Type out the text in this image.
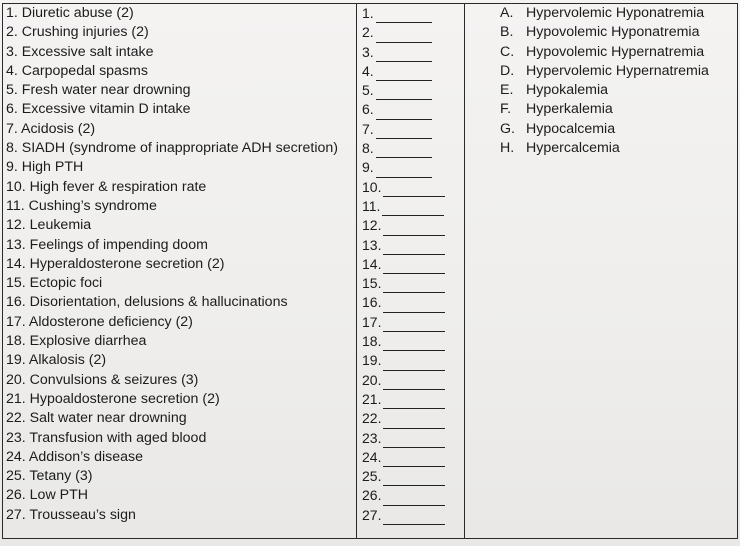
1. Diuretic abuse (2)
2. Crushing injuries (2)
3. Excessive salt intake
4. Carpopedal spasms
5. Fresh water near drowning
6. Excessive vitamin D intake
7. Acidosis (2)
8. SIADH (syndrome of inappropriate ADH secretion)
9. High PTH
10. High fever & respiration rate
11. Cushing’s syndrome
12. Leukemia
13. Feelings of impending doom
14. Hyperaldosterone secretion (2)
15. Ectopic foci
16. Disorientation, delusions & hallucinations
17. Aldosterone deficiency (2)
18. Explosive diarrhea
19. Alkalosis (2)
20. Convulsions & seizures (3)
21. Hypoaldosterone secretion (2)
22. Salt water near drowning
23. Transfusion with aged blood
24. Addison’s disease
25. Tetany (3)
26. Low PTH
27. Trousseau’s sign
1.
2.
3.
4.
5.
6.
7.
8.
9.
10.
11.
12.
13.
14.
15.
16.
17.
18.
19.
20.
21.
22.
23.
24.
25.
26.
27.
A. Hypervolemic Hyponatremia
B. Hypovolemic Hyponatremia
C. Hypovolemic Hypernatremia
D. Hypervolemic Hypernatremia
E. Hypokalemia
F. Hyperkalemia
G. Hypocalcemia
H. Hypercalcemia
